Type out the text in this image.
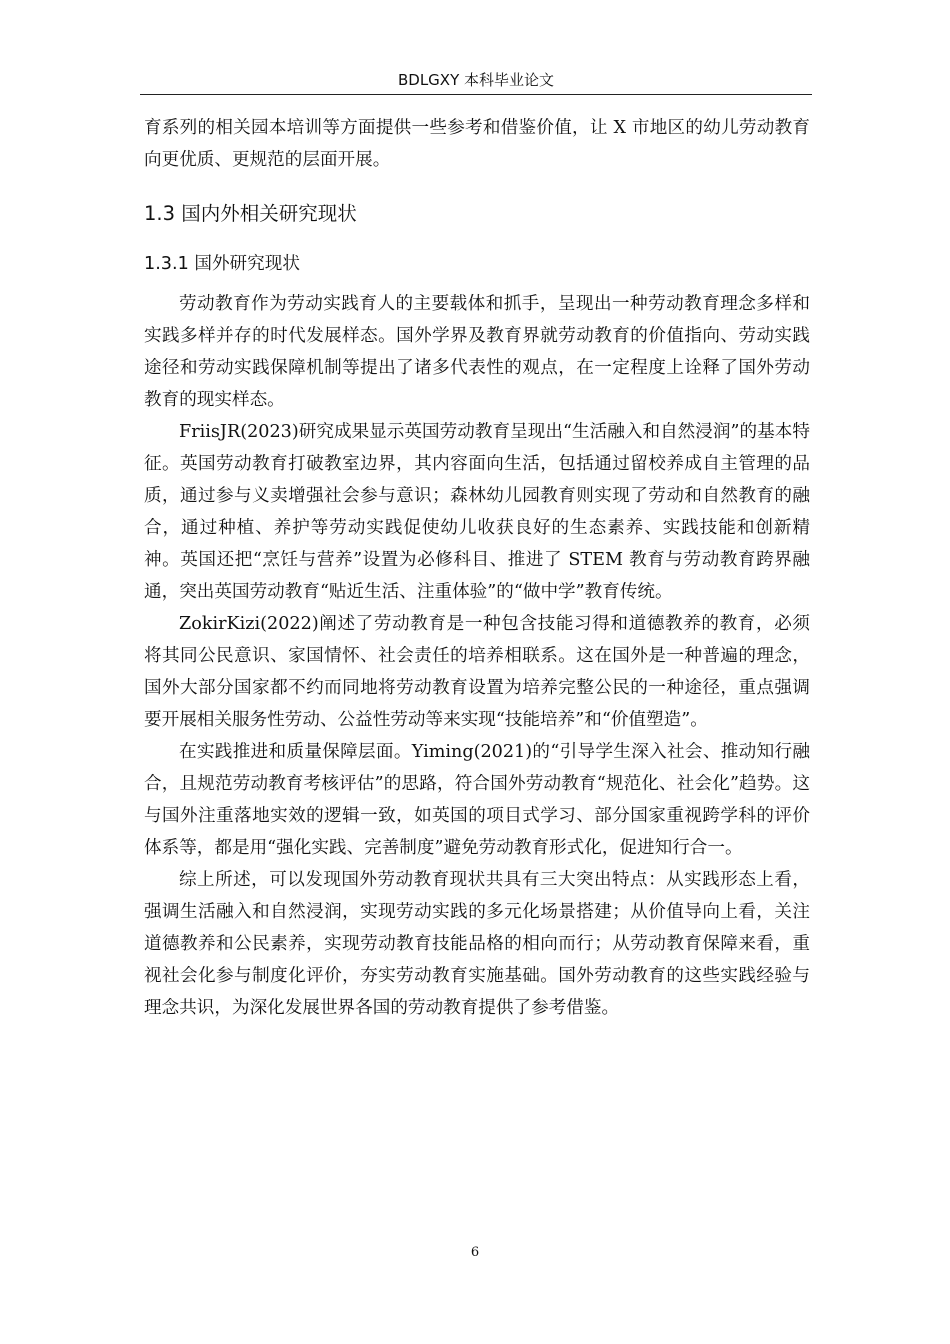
BDLGXY 本科毕业论文

育系列的相关园本培训等方面提供一些参考和借鉴价值，让 X 市地区的幼儿劳动教育向更优质、更规范的层面开展。

1.3 国内外相关研究现状
1.3.1 国外研究现状

劳动教育作为劳动实践育人的主要载体和抓手，呈现出一种劳动教育理念多样和实践多样并存的时代发展样态。国外学界及教育界就劳动教育的价值指向、劳动实践途径和劳动实践保障机制等提出了诸多代表性的观点，在一定程度上诠释了国外劳动教育的现实样态。

FriisJR(2023)研究成果显示英国劳动教育呈现出“生活融入和自然浸润”的基本特征。英国劳动教育打破教室边界，其内容面向生活，包括通过留校养成自主管理的品质，通过参与义卖增强社会参与意识；森林幼儿园教育则实现了劳动和自然教育的融合，通过种植、养护等劳动实践促使幼儿收获良好的生态素养、实践技能和创新精神。英国还把“烹饪与营养”设置为必修科目、推进了 STEM 教育与劳动教育跨界融通，突出英国劳动教育“贴近生活、注重体验”的“做中学”教育传统。

ZokirKizi(2022)阐述了劳动教育是一种包含技能习得和道德教养的教育，必须将其同公民意识、家国情怀、社会责任的培养相联系。这在国外是一种普遍的理念，国外大部分国家都不约而同地将劳动教育设置为培养完整公民的一种途径，重点强调要开展相关服务性劳动、公益性劳动等来实现“技能培养”和“价值塑造”。

在实践推进和质量保障层面。Yiming(2021)的“引导学生深入社会、推动知行融合，且规范劳动教育考核评估”的思路，符合国外劳动教育“规范化、社会化”趋势。这与国外注重落地实效的逻辑一致，如英国的项目式学习、部分国家重视跨学科的评价体系等，都是用“强化实践、完善制度”避免劳动教育形式化，促进知行合一。

综上所述，可以发现国外劳动教育现状共具有三大突出特点：从实践形态上看，强调生活融入和自然浸润，实现劳动实践的多元化场景搭建；从价值导向上看，关注道德教养和公民素养，实现劳动教育技能品格的相向而行；从劳动教育保障来看，重视社会化参与制度化评价，夯实劳动教育实施基础。国外劳动教育的这些实践经验与理念共识，为深化发展世界各国的劳动教育提供了参考借鉴。

6
